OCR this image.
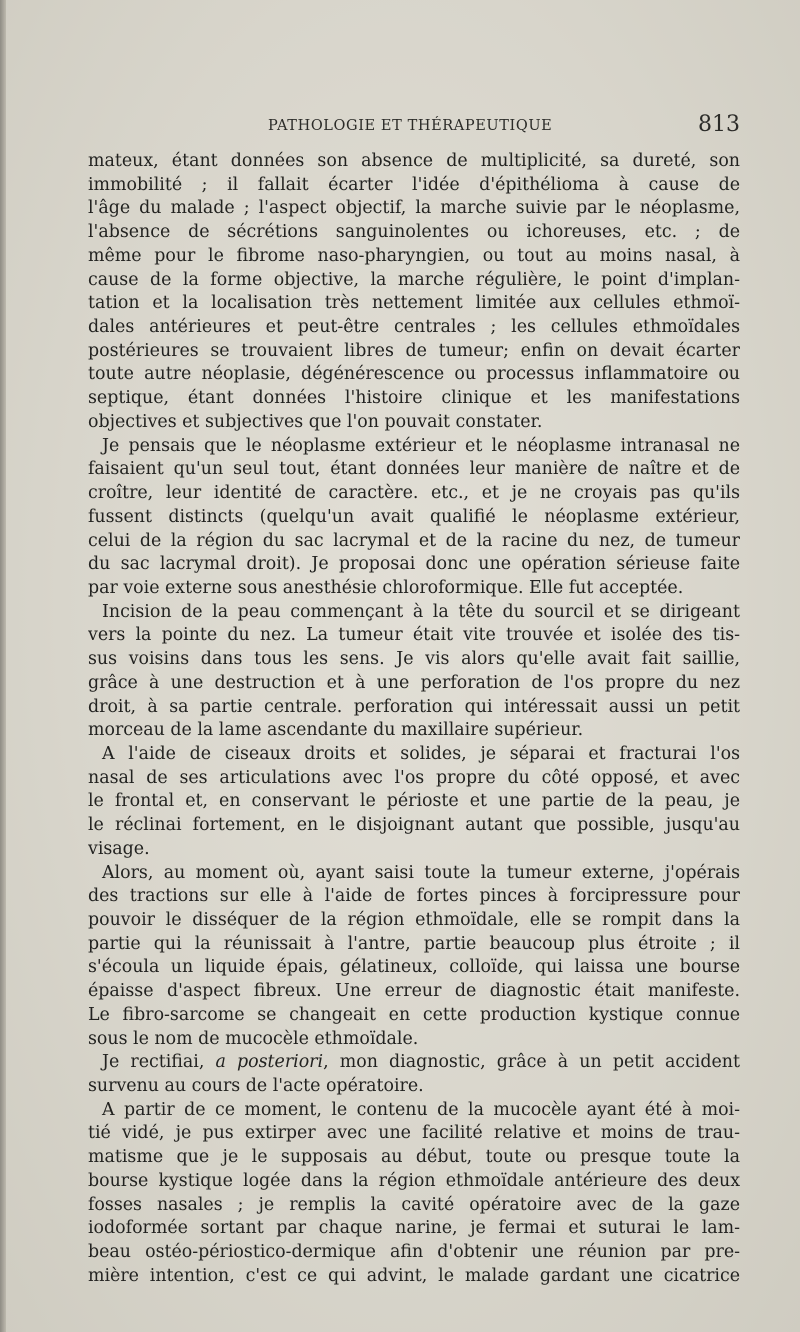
PATHOLOGIE ET THÉRAPEUTIQUE	813
mateux, étant données son absence de multiplicité, sa dureté, son
immobilité ; il fallait écarter l'idée d'épithélioma à cause de
l'âge du malade ; l'aspect objectif, la marche suivie par le néoplasme,
l'absence de sécrétions sanguinolentes ou ichoreuses, etc. ; de
même pour le fibrome naso-pharyngien, ou tout au moins nasal, à
cause de la forme objective, la marche régulière, le point d'implan-
tation et la localisation très nettement limitée aux cellules ethmoï-
dales antérieures et peut-être centrales ; les cellules ethmoïdales
postérieures se trouvaient libres de tumeur; enfin on devait écarter
toute autre néoplasie, dégénérescence ou processus inflammatoire ou
septique, étant données l'histoire clinique et les manifestations
objectives et subjectives que l'on pouvait constater.
Je pensais que le néoplasme extérieur et le néoplasme intranasal ne
faisaient qu'un seul tout, étant données leur manière de naître et de
croître, leur identité de caractère. etc., et je ne croyais pas qu'ils
fussent distincts (quelqu'un avait qualifié le néoplasme extérieur,
celui de la région du sac lacrymal et de la racine du nez, de tumeur
du sac lacrymal droit). Je proposai donc une opération sérieuse faite
par voie externe sous anesthésie chloroformique. Elle fut acceptée.
Incision de la peau commençant à la tête du sourcil et se dirigeant
vers la pointe du nez. La tumeur était vite trouvée et isolée des tis-
sus voisins dans tous les sens. Je vis alors qu'elle avait fait saillie,
grâce à une destruction et à une perforation de l'os propre du nez
droit, à sa partie centrale. perforation qui intéressait aussi un petit
morceau de la lame ascendante du maxillaire supérieur.
A l'aide de ciseaux droits et solides, je séparai et fracturai l'os
nasal de ses articulations avec l'os propre du côté opposé, et avec
le frontal et, en conservant le périoste et une partie de la peau, je
le réclinai fortement, en le disjoignant autant que possible, jusqu'au
visage.
Alors, au moment où, ayant saisi toute la tumeur externe, j'opérais
des tractions sur elle à l'aide de fortes pinces à forcipressure pour
pouvoir le disséquer de la région ethmoïdale, elle se rompit dans la
partie qui la réunissait à l'antre, partie beaucoup plus étroite ; il
s'écoula un liquide épais, gélatineux, colloïde, qui laissa une bourse
épaisse d'aspect fibreux. Une erreur de diagnostic était manifeste.
Le fibro-sarcome se changeait en cette production kystique connue
sous le nom de mucocèle ethmoïdale.
Je rectifiai, a posteriori, mon diagnostic, grâce à un petit accident
survenu au cours de l'acte opératoire.
A partir de ce moment, le contenu de la mucocèle ayant été à moi-
tié vidé, je pus extirper avec une facilité relative et moins de trau-
matisme que je le supposais au début, toute ou presque toute la
bourse kystique logée dans la région ethmoïdale antérieure des deux
fosses nasales ; je remplis la cavité opératoire avec de la gaze
iodoformée sortant par chaque narine, je fermai et suturai le lam-
beau ostéo-périostico-dermique afin d'obtenir une réunion par pre-
mière intention, c'est ce qui advint, le malade gardant une cicatrice
